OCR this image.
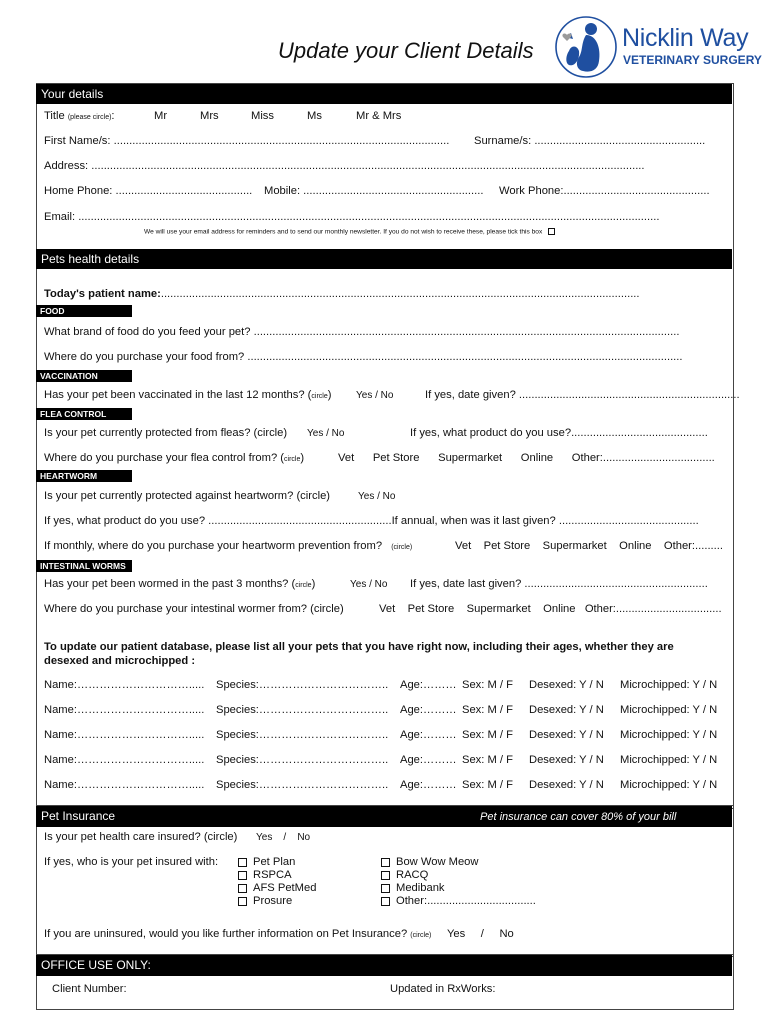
Update your Client Details	Nicklin Way
VETERINARY SURGERY
Your details
Title (please circle):	Mr	Mrs	Miss	Ms	Mr & Mrs
First Name/s: ............................................................................................................ Surname/s: .......................................................
Address: ..................................................................................................................................................................................
Home Phone: ............................................ Mobile: .......................................................... Work Phone:...............................................
Email: ...........................................................................................................................................................................................
We will use your email address for reminders and to send our monthly newsletter. If you do not wish to receive these, please tick this box
Pets health details
Today's patient name:..........................................................................................................................................................
FOOD
What brand of food do you feed your pet? .........................................................................................................................................
Where do you purchase your food from? ............................................................................................................................................
VACCINATION
Has your pet been vaccinated in the last 12 months? (circle) Yes / No	If yes, date given? .......................................................................
FLEA CONTROL
Is your pet currently protected from fleas? (circle) Yes / No	If yes, what product do you use?............................................
Where do you purchase your flea control from? (circle)	Vet      Pet Store      Supermarket      Online      Other:....................................
HEARTWORM
Is your pet currently protected against heartworm? (circle)	Yes / No
If yes, what product do you use? ...........................................................If annual, when was it last given? .............................................
If monthly, where do you purchase your heartworm prevention from? (circle)	Vet    Pet Store    Supermarket    Online    Other:.........
INTESTINAL WORMS
Has your pet been wormed in the past 3 months? (circle)	Yes / No If yes, date last given? ...........................................................
Where do you purchase your intestinal wormer from? (circle)	Vet    Pet Store    Supermarket    Online   Other:..................................
To update our patient database, please list all your pets that you have right now, including their ages, whether they are desexed and microchipped :
Name:…………………………..... Species:…………………………….. Age:……… Sex: M / F Desexed: Y / N Microchipped: Y / N
Name:…………………………..... Species:…………………………….. Age:……… Sex: M / F Desexed: Y / N Microchipped: Y / N
Name:…………………………..... Species:…………………………….. Age:……… Sex: M / F Desexed: Y / N Microchipped: Y / N
Name:…………………………..... Species:…………………………….. Age:……… Sex: M / F Desexed: Y / N Microchipped: Y / N
Name:…………………………..... Species:…………………………….. Age:……… Sex: M / F Desexed: Y / N Microchipped: Y / N
Pet Insurance	Pet insurance can cover 80% of your bill
Is your pet health care insured? (circle) Yes    /    No
If yes, who is your pet insured with:	Pet Plan
RSPCA
AFS PetMed
Prosure
Bow Wow Meow
RACQ
Medibank
Other:...................................
If you are uninsured, would you like further information on Pet Insurance? (circle) Yes     /     No
OFFICE USE ONLY:
Client Number:	Updated in RxWorks:
